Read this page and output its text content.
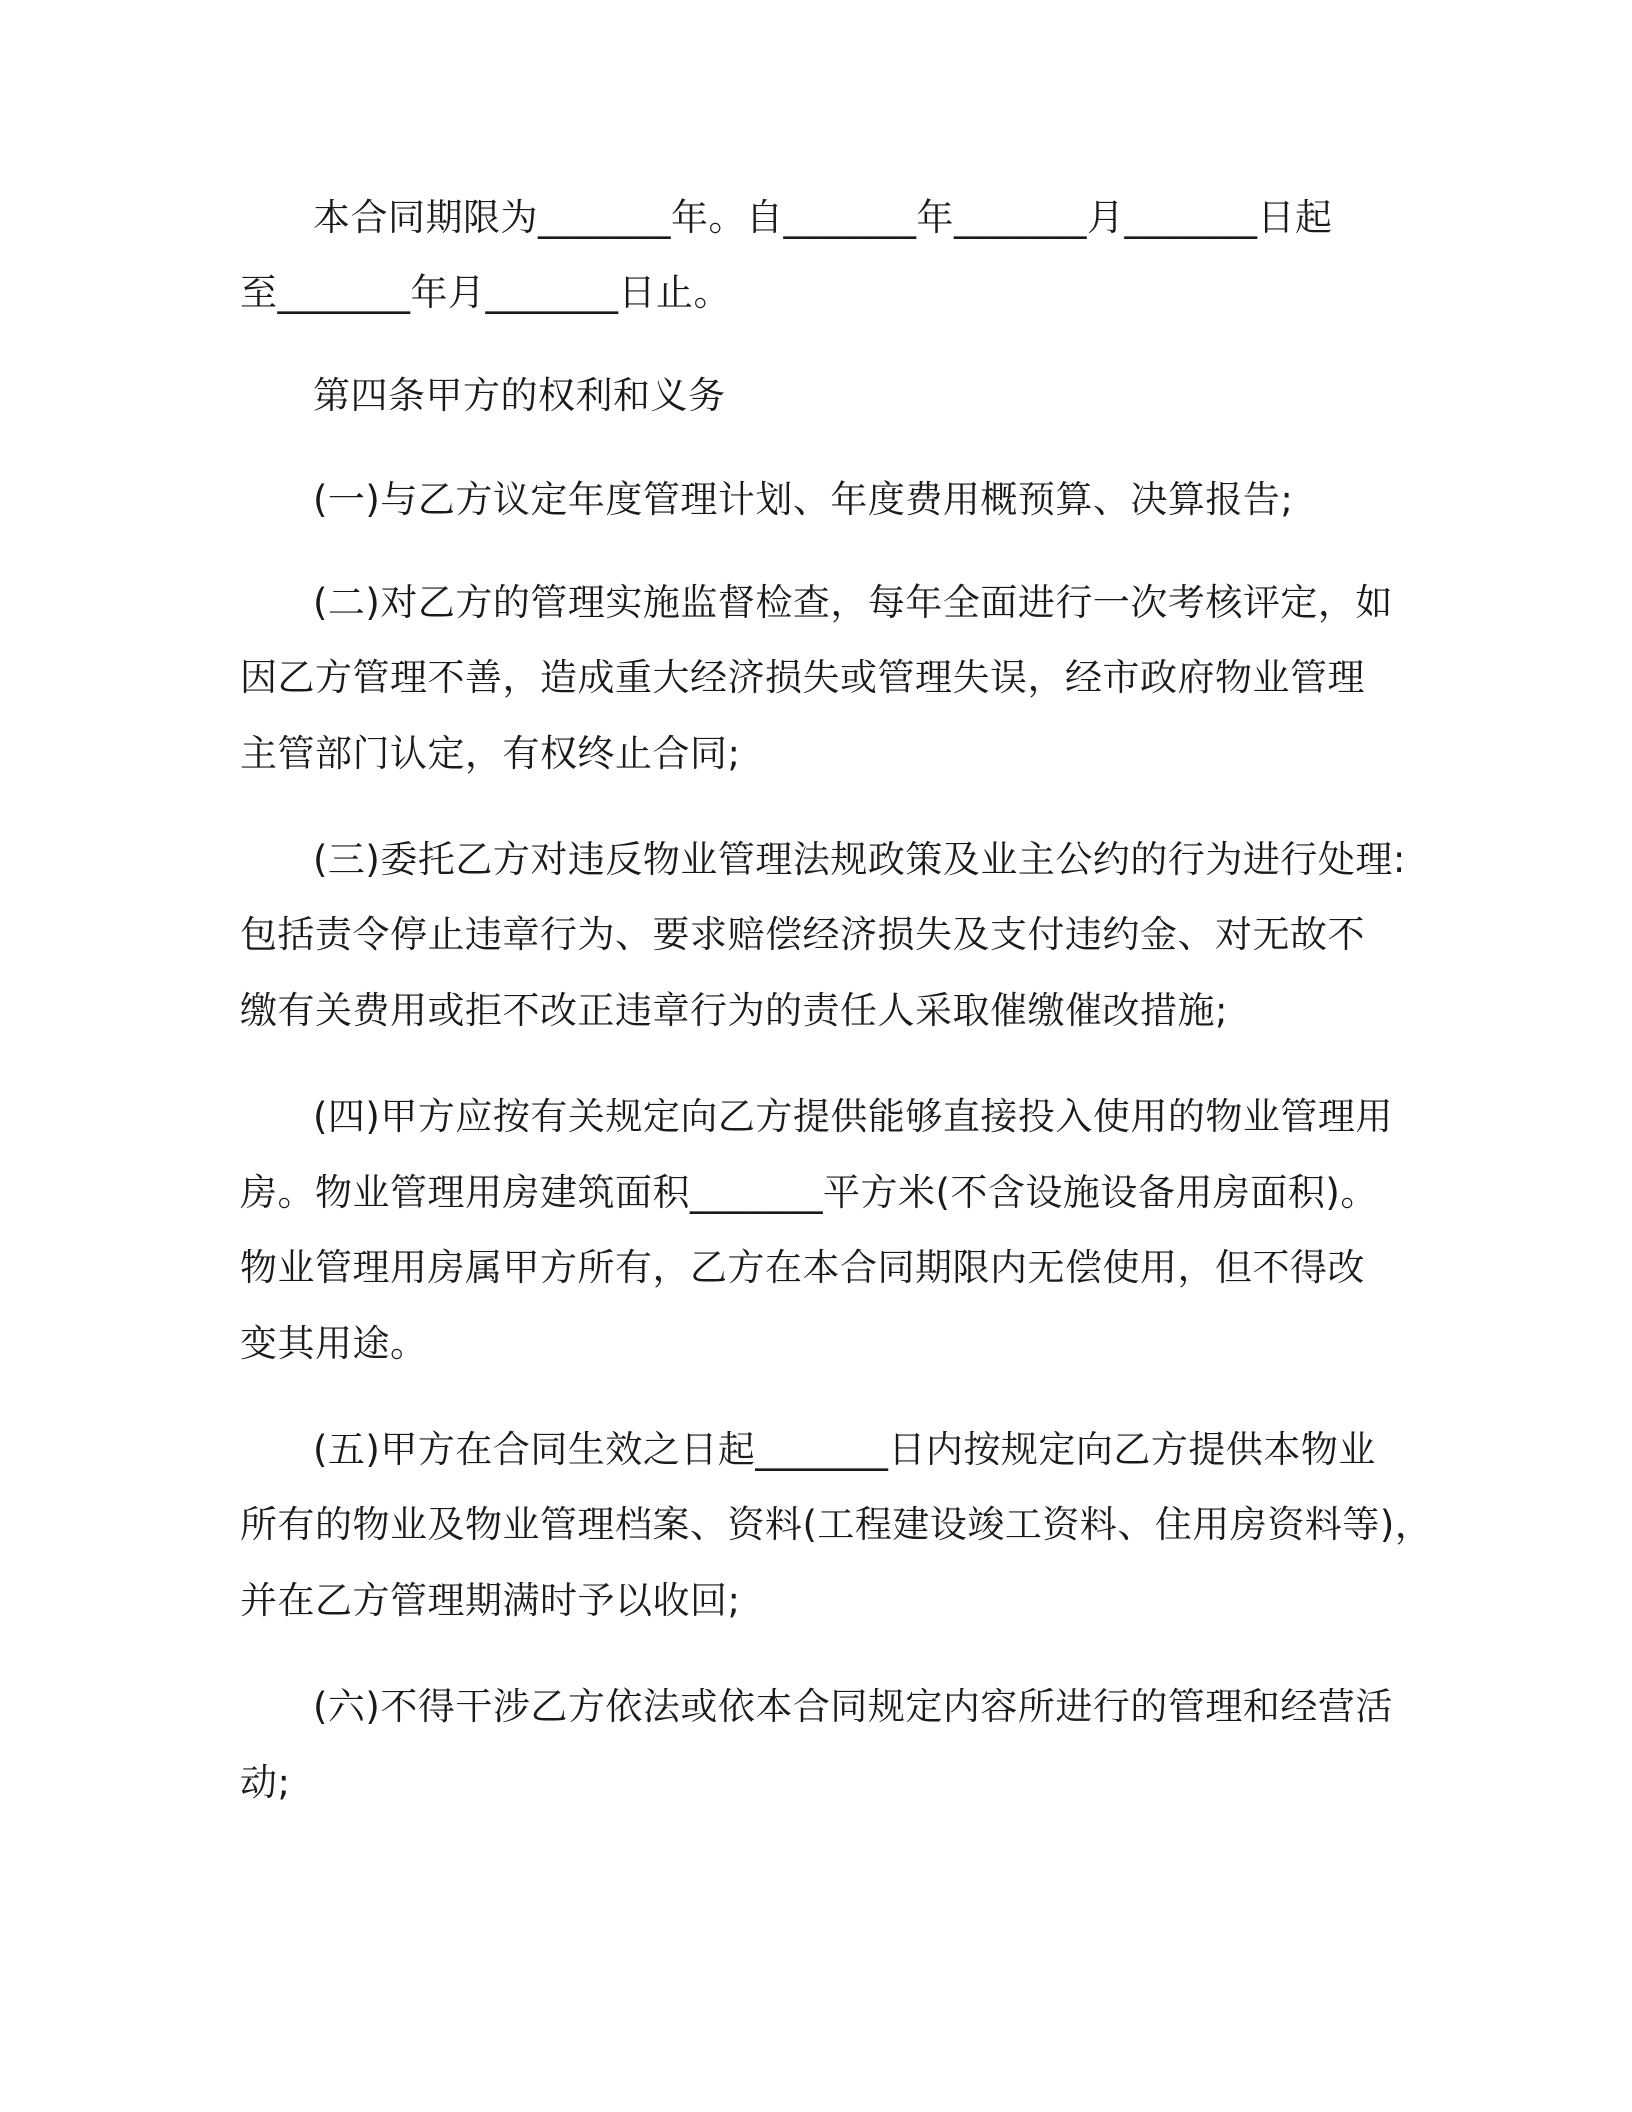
本合同期限为_______年。自_______年_______月_______日起
至_______年月_______日止。
第四条甲方的权利和义务
(一)与乙方议定年度管理计划、年度费用概预算、决算报告;
(二)对乙方的管理实施监督检查，每年全面进行一次考核评定，如
因乙方管理不善，造成重大经济损失或管理失误，经市政府物业管理
主管部门认定，有权终止合同;
(三)委托乙方对违反物业管理法规政策及业主公约的行为进行处理:
包括责令停止违章行为、要求赔偿经济损失及支付违约金、对无故不
缴有关费用或拒不改正违章行为的责任人采取催缴催改措施;
(四)甲方应按有关规定向乙方提供能够直接投入使用的物业管理用
房。物业管理用房建筑面积_______平方米(不含设施设备用房面积)。
物业管理用房属甲方所有，乙方在本合同期限内无偿使用，但不得改
变其用途。
(五)甲方在合同生效之日起_______日内按规定向乙方提供本物业
所有的物业及物业管理档案、资料(工程建设竣工资料、住用房资料等)，
并在乙方管理期满时予以收回;
(六)不得干涉乙方依法或依本合同规定内容所进行的管理和经营活
动;
